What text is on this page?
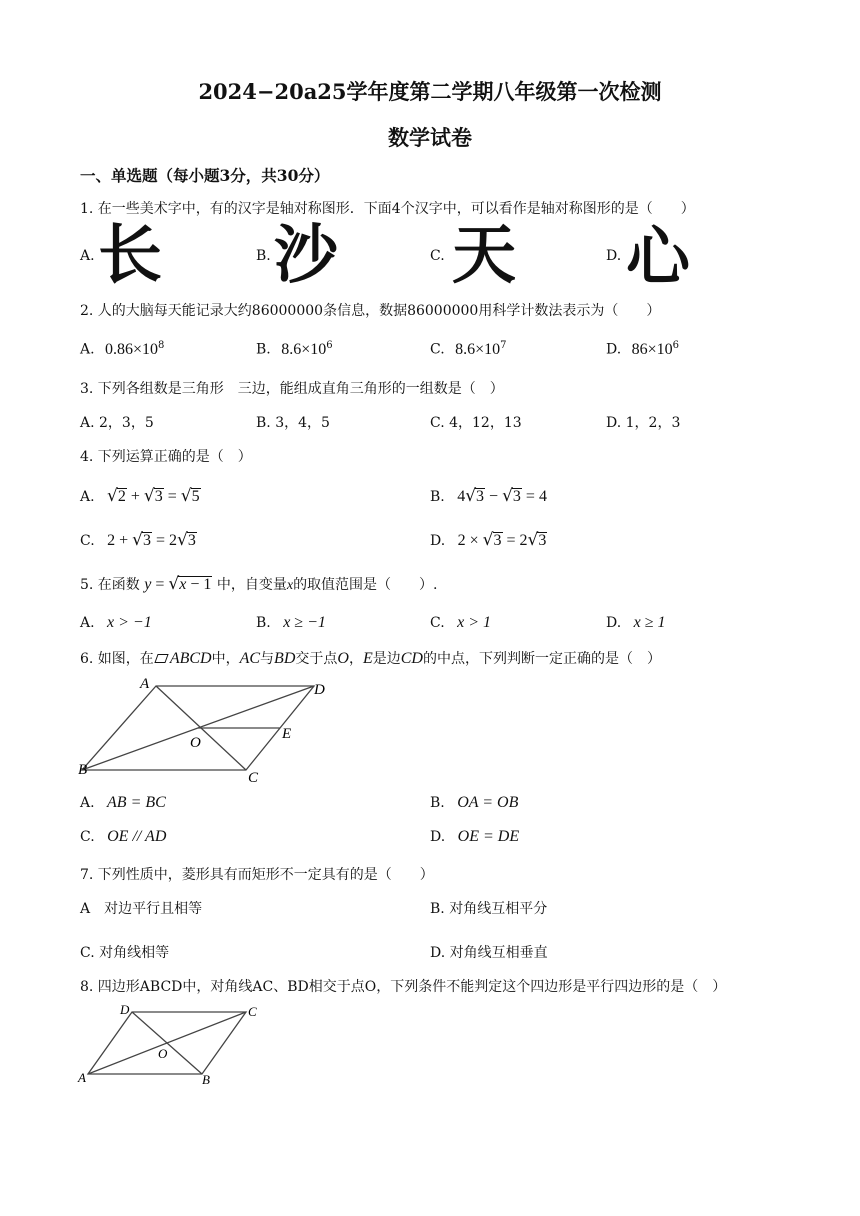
2024−20a25学年度第二学期八年级第一次检测
数学试卷
一、单选题（每小题3分，共30分）
1. 在一些美术字中，有的汉字是轴对称图形．下面4个汉字中，可以看作是轴对称图形的是（　　）
A. 长	B. 沙	C. 天	D. 心
2. 人的大脑每天能记录大约86000000条信息，数据86000000用科学计数法表示为（　　）
A. $0.86\times 10^8$	B. $8.6\times 10^6$	C. $8.6\times 10^7$	D. $86\times 10^6$
3. 下列各组数是三角形　三边，能组成直角三角形的一组数是（　）
A. 2，3，5	B. 3，4，5	C. 4，12，13	D. 1，2，3
4. 下列运算正确的是（　）
A. √2 + √3 = √5	B. 4√3 − √3 = 4
C. 2 + √3 = 2√3	D. 2 × √3 = 2√3
5. 在函数 y = √x − 1 中，自变量x的取值范围是（　　）.
A. x > −1	B. x ≥ −1	C. x > 1	D. x ≥ 1
6. 如图，在 ABCD中，AC与BD交于点O，E是边CD的中点，下列判断一定正确的是（　）
A	D
O
E
B	C
A. AB = BC	B. OA = OB
C. OE // AD	D. OE = DE
7. 下列性质中，菱形具有而矩形不一定具有的是（　　）
A　对边平行且相等	B. 对角线互相平分
C. 对角线相等	D. 对角线互相垂直
8. 四边形ABCD中，对角线AC、BD相交于点O，下列条件不能判定这个四边形是平行四边形的是（　）
D	C
O
A	B
